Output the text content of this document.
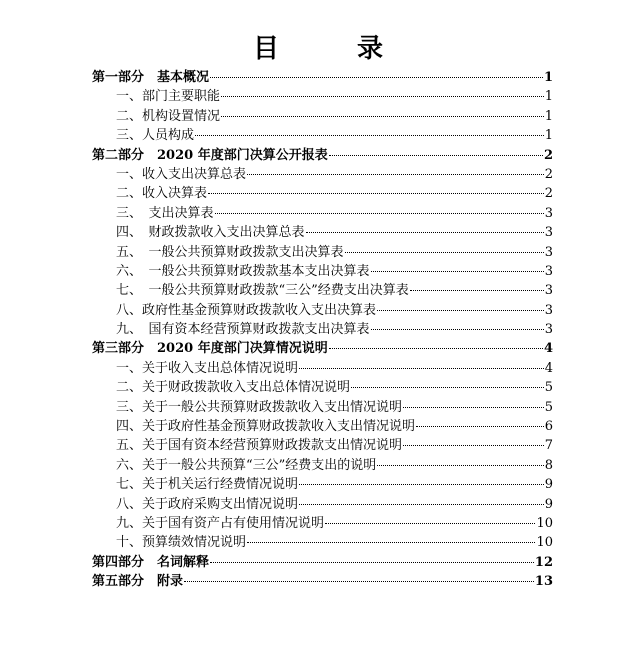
目　录
第一部分　基本概况	1
一、部门主要职能	1
二、机构设置情况	1
三、人员构成	1
第二部分　2020 年度部门决算公开报表	2
一、收入支出决算总表	2
二、收入决算表	2
三、　支出决算表	3
四、　财政拨款收入支出决算总表	3
五、　一般公共预算财政拨款支出决算表	3
六、　一般公共预算财政拨款基本支出决算表	3
七、　一般公共预算财政拨款“三公”经费支出决算表	3
八、政府性基金预算财政拨款收入支出决算表	3
九、　国有资本经营预算财政拨款支出决算表	3
第三部分　2020 年度部门决算情况说明	4
一、关于收入支出总体情况说明	4
二、关于财政拨款收入支出总体情况说明	5
三、关于一般公共预算财政拨款收入支出情况说明	5
四、关于政府性基金预算财政拨款收入支出情况说明	6
五、关于国有资本经营预算财政拨款支出情况说明	7
六、关于一般公共预算“三公”经费支出的说明	8
七、关于机关运行经费情况说明	9
八、关于政府采购支出情况说明	9
九、关于国有资产占有使用情况说明	10
十、预算绩效情况说明	10
第四部分　名词解释	12
第五部分　附录	13
